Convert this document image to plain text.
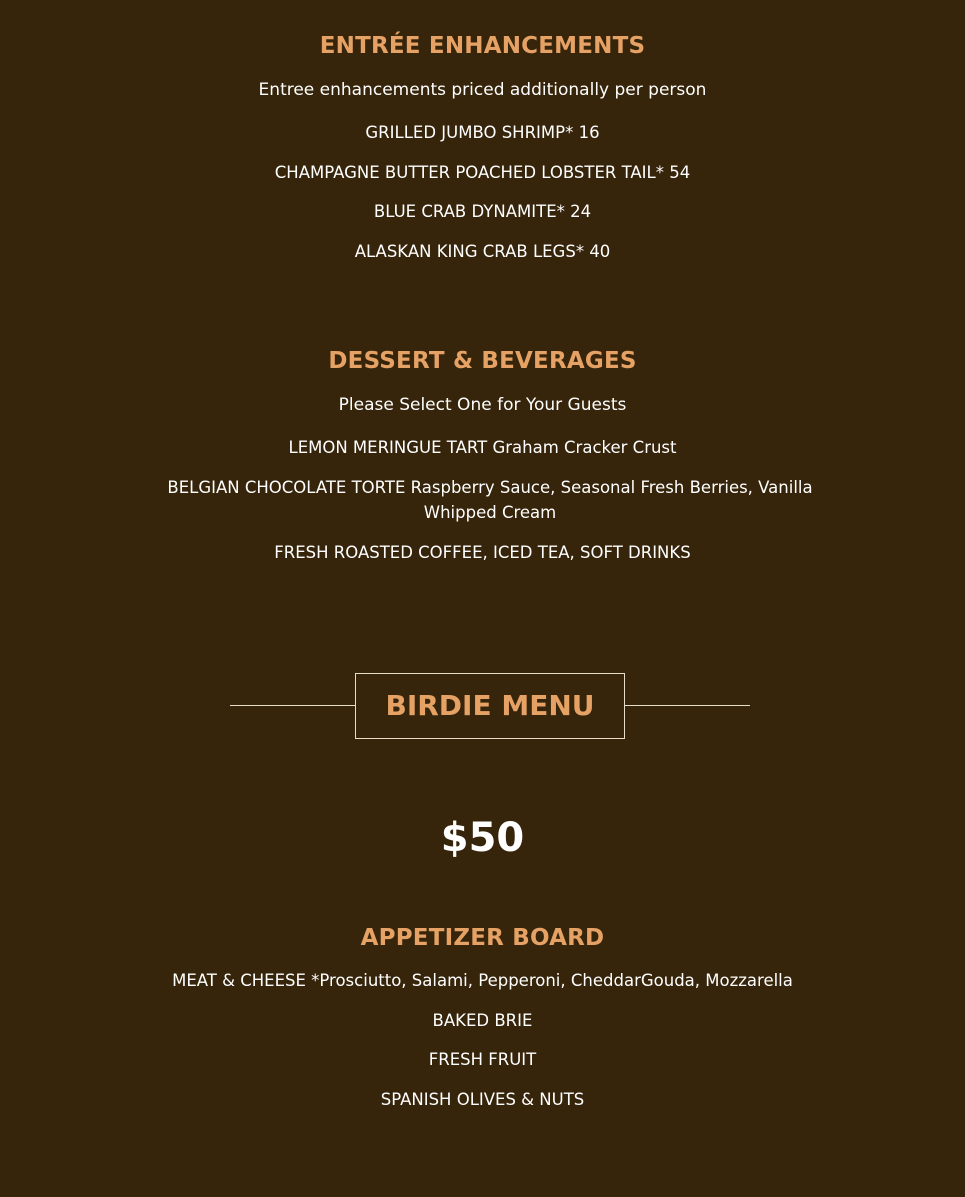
ENTRÉE ENHANCEMENTS
Entree enhancements priced additionally per person
GRILLED JUMBO SHRIMP* 16
CHAMPAGNE BUTTER POACHED LOBSTER TAIL* 54
BLUE CRAB DYNAMITE* 24
ALASKAN KING CRAB LEGS* 40
DESSERT & BEVERAGES
Please Select One for Your Guests
LEMON MERINGUE TART Graham Cracker Crust
BELGIAN CHOCOLATE TORTE Raspberry Sauce, Seasonal Fresh Berries, Vanilla Whipped Cream
FRESH ROASTED COFFEE, ICED TEA, SOFT DRINKS
BIRDIE MENU
$50
APPETIZER BOARD
MEAT & CHEESE *Prosciutto, Salami, Pepperoni, CheddarGouda, Mozzarella
BAKED BRIE
FRESH FRUIT
SPANISH OLIVES & NUTS
